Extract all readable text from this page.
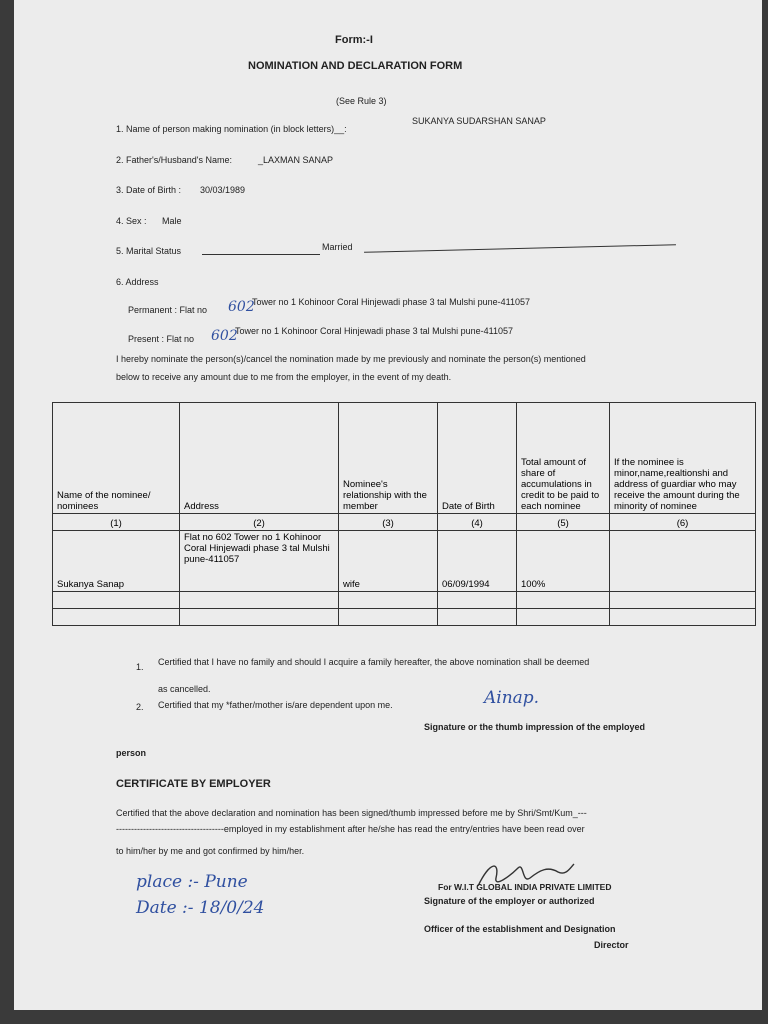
Form:-I
NOMINATION AND DECLARATION FORM
(See Rule 3)
1. Name of person making nomination (in block letters)__:
SUKANYA SUDARSHAN SANAP
2. Father's/Husband's Name:	_LAXMAN SANAP
3. Date of Birth : 30/03/1989
4. Sex : Male
5. Marital Status	Married
6. Address
Permanent : Flat no 602
Tower no 1 Kohinoor Coral Hinjewadi phase 3 tal Mulshi pune-411057
Present : Flat no 602
Tower no 1 Kohinoor Coral Hinjewadi phase 3 tal Mulshi pune-411057
I hereby nominate the person(s)/cancel the nomination made by me previously and nominate the person(s) mentioned
below to receive any amount due to me from the employer, in the event of my death.
Name of the nominee/ nominees	Address	Nominee's relationship with the member	Date of Birth	Total amount of share of accumulations in credit to be paid to each nominee	If the nominee is minor,name,realtionshi and address of guardiar who may receive the amount during the minority of nominee
(1)	(2)	(3)	(4)	(5)	(6)
Sukanya Sanap	Flat no 602 Tower no 1 Kohinoor Coral Hinjewadi phase 3 tal Mulshi pune-411057	wife	06/09/1994	100%	

1. Certified that I have no family and should I acquire a family hereafter, the above nomination shall be deemed
as cancelled.
2. Certified that my *father/mother is/are dependent upon me.	Ainap.
Signature or the thumb impression of the employed
person
CERTIFICATE BY EMPLOYER
Certified that the above declaration and nomination has been signed/thumb impressed before me by Shri/Smt/Kum_---
------------------------------------employed in my establishment after he/she has read the entry/entries have been read over
to him/her by me and got confirmed by him/her.
place :- Pune
Date :- 18/0/24
For W.I.T GLOBAL INDIA PRIVATE LIMITED
Signature of the employer or authorized
Officer of the establishment and Designation
Director
